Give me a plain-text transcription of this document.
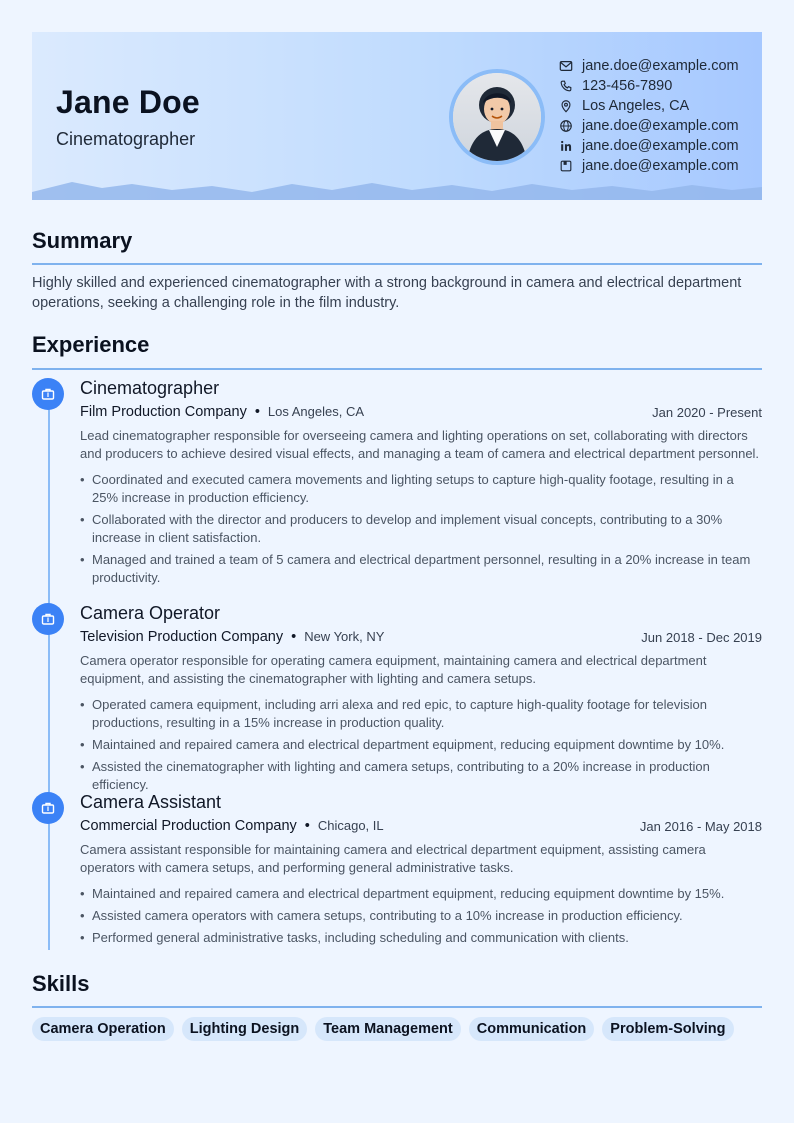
Jane Doe
Cinematographer
jane.doe@example.com
123-456-7890
Los Angeles, CA
jane.doe@example.com
jane.doe@example.com
jane.doe@example.com
Summary
Highly skilled and experienced cinematographer with a strong background in camera and electrical department operations, seeking a challenging role in the film industry.
Experience
Cinematographer
Film Production Company • Los Angeles, CA	Jan 2020 - Present
Lead cinematographer responsible for overseeing camera and lighting operations on set, collaborating with directors and producers to achieve desired visual effects, and managing a team of camera and electrical department personnel.
• Coordinated and executed camera movements and lighting setups to capture high-quality footage, resulting in a 25% increase in production efficiency.
• Collaborated with the director and producers to develop and implement visual concepts, contributing to a 30% increase in client satisfaction.
• Managed and trained a team of 5 camera and electrical department personnel, resulting in a 20% increase in team productivity.
Camera Operator
Television Production Company • New York, NY	Jun 2018 - Dec 2019
Camera operator responsible for operating camera equipment, maintaining camera and electrical department equipment, and assisting the cinematographer with lighting and camera setups.
• Operated camera equipment, including arri alexa and red epic, to capture high-quality footage for television productions, resulting in a 15% increase in production quality.
• Maintained and repaired camera and electrical department equipment, reducing equipment downtime by 10%.
• Assisted the cinematographer with lighting and camera setups, contributing to a 20% increase in production efficiency.
Camera Assistant
Commercial Production Company • Chicago, IL	Jan 2016 - May 2018
Camera assistant responsible for maintaining camera and electrical department equipment, assisting camera operators with camera setups, and performing general administrative tasks.
• Maintained and repaired camera and electrical department equipment, reducing equipment downtime by 15%.
• Assisted camera operators with camera setups, contributing to a 10% increase in production efficiency.
• Performed general administrative tasks, including scheduling and communication with clients.
Skills
Camera Operation	Lighting Design	Team Management	Communication	Problem-Solving
